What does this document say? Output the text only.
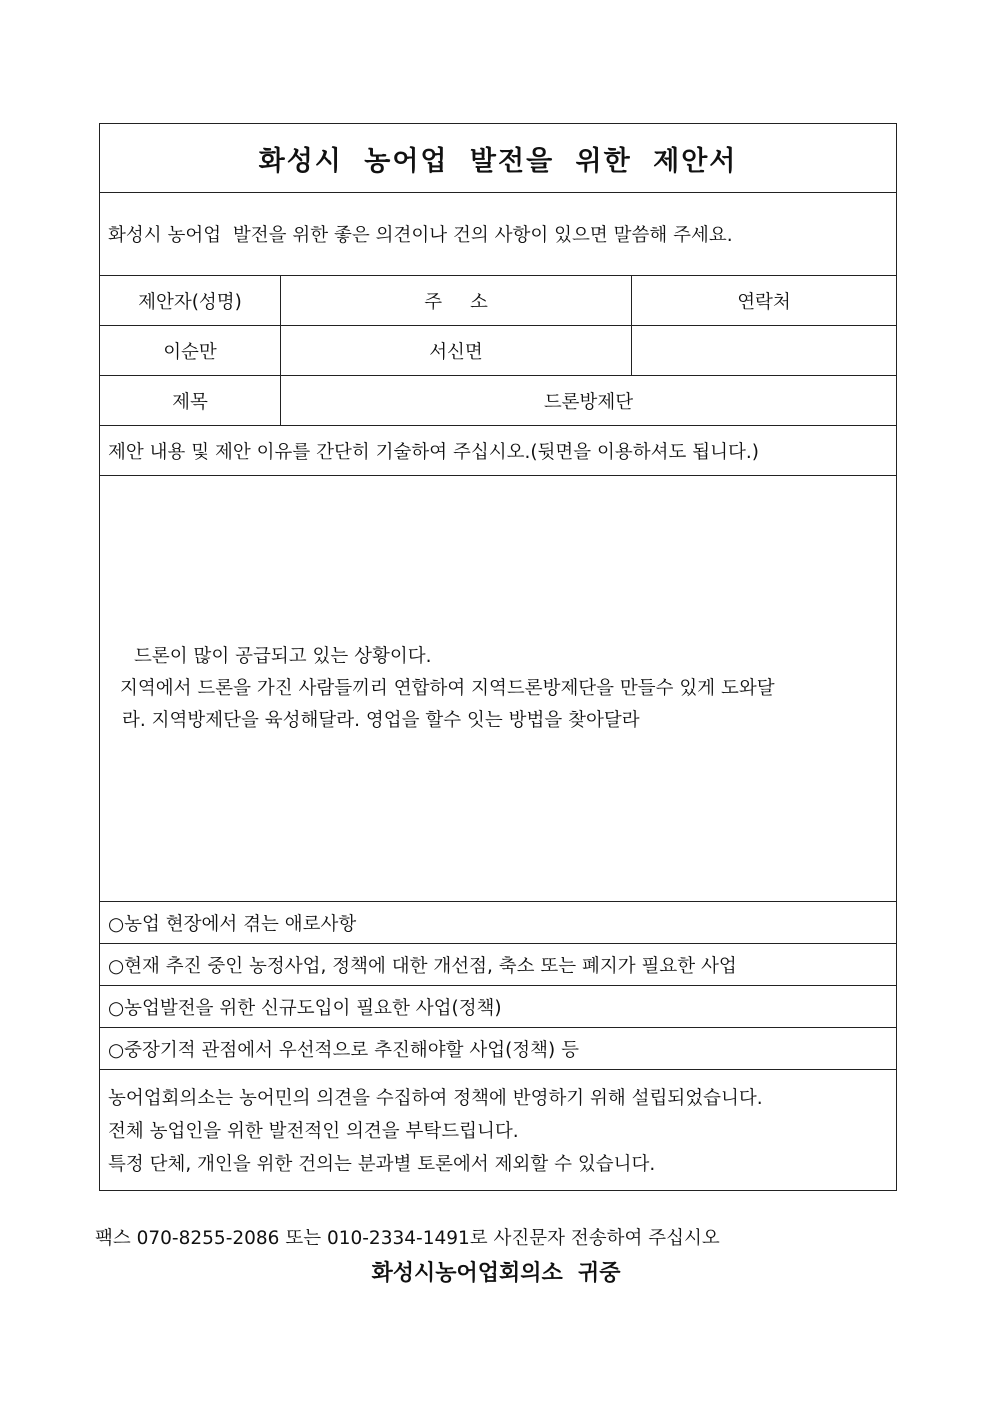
화성시 농어업 발전을 위한 제안서
화성시 농어업  발전을 위한 좋은 의견이나 건의 사항이 있으면 말씀해 주세요.
제안자(성명)	주 소	연락처
이순만	서신면
제목	드론방제단
제안 내용 및 제안 이유를 간단히 기술하여 주십시오.(뒷면을 이용하셔도 됩니다.)
드론이 많이 공급되고 있는 상황이다.
지역에서 드론을 가진 사람들끼리 연합하여 지역드론방제단을 만들수 있게 도와달
라. 지역방제단을 육성해달라. 영업을 할수 잇는 방법을 찾아달라
○농업 현장에서 겪는 애로사항
○현재 추진 중인 농정사업, 정책에 대한 개선점, 축소 또는 폐지가 필요한 사업
○농업발전을 위한 신규도입이 필요한 사업(정책)
○중장기적 관점에서 우선적으로 추진해야할 사업(정책) 등
농어업회의소는 농어민의 의견을 수집하여 정책에 반영하기 위해 설립되었습니다.
전체 농업인을 위한 발전적인 의견을 부탁드립니다.
특정 단체, 개인을 위한 건의는 분과별 토론에서 제외할 수 있습니다.
팩스 070-8255-2086 또는 010-2334-1491로 사진문자 전송하여 주십시오
화성시농어업회의소  귀중
